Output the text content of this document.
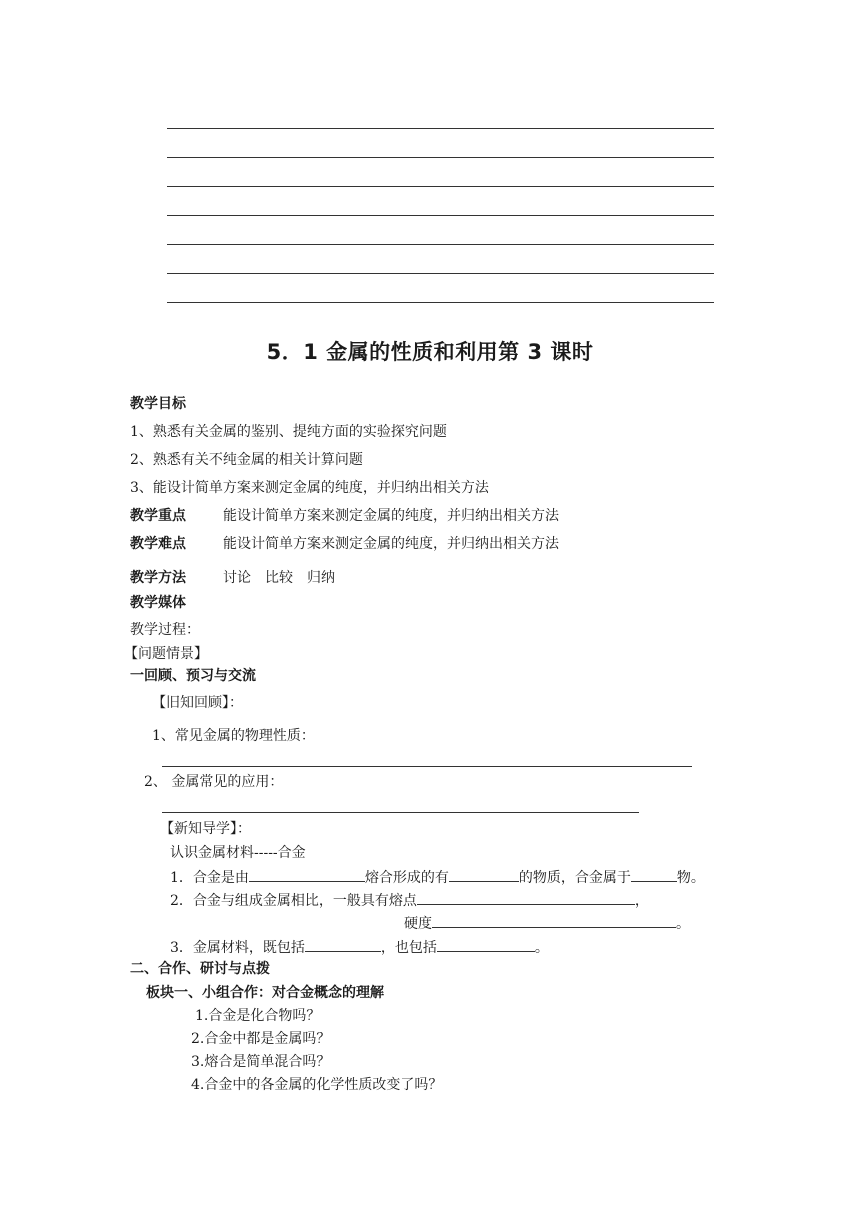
5．1 金属的性质和利用第 3 课时
教学目标
1、熟悉有关金属的鉴别、提纯方面的实验探究问题
2、熟悉有关不纯金属的相关计算问题
3、能设计简单方案来测定金属的纯度，并归纳出相关方法
教学重点	能设计简单方案来测定金属的纯度，并归纳出相关方法
教学难点	能设计简单方案来测定金属的纯度，并归纳出相关方法
教学方法	讨论　比较　归纳
教学媒体
教学过程：
【问题情景】
一回顾、预习与交流
【旧知回顾】：
1、常见金属的物理性质：
2、 金属常见的应用：
【新知导学】：
认识金属材料-----合金
1．合金是由	熔合形成的有	的物质，合金属于	物。
2．合金与组成金属相比，一般具有熔点	，
硬度	。
3．金属材料，既包括	，也包括	。
二、合作、研讨与点拨
板块一、小组合作：对合金概念的理解
1.合金是化合物吗？
2.合金中都是金属吗？
3.熔合是简单混合吗？
4.合金中的各金属的化学性质改变了吗？
